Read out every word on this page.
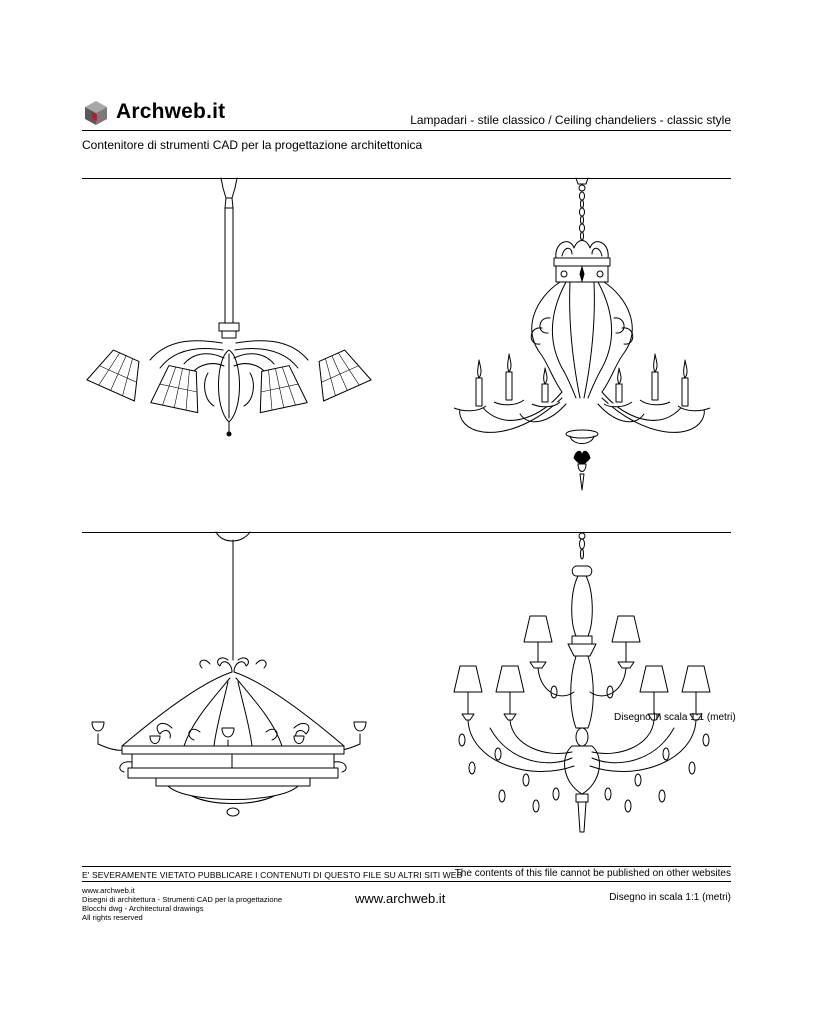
Archweb.it	Lampadari - stile classico / Ceiling chandeliers - classic style
Contenitore di strumenti CAD per la progettazione architettonica
Disegno in scala 1:1 (metri)
E' SEVERAMENTE VIETATO PUBBLICARE I CONTENUTI DI QUESTO FILE SU ALTRI SITI WEB
The contents of this file cannot be published on other websites
www.archweb.it
Disegni di architettura - Strumenti CAD per la progettazione
Blocchi dwg - Architectural drawings
All rights reserved
www.archweb.it	Disegno in scala 1:1 (metri)
